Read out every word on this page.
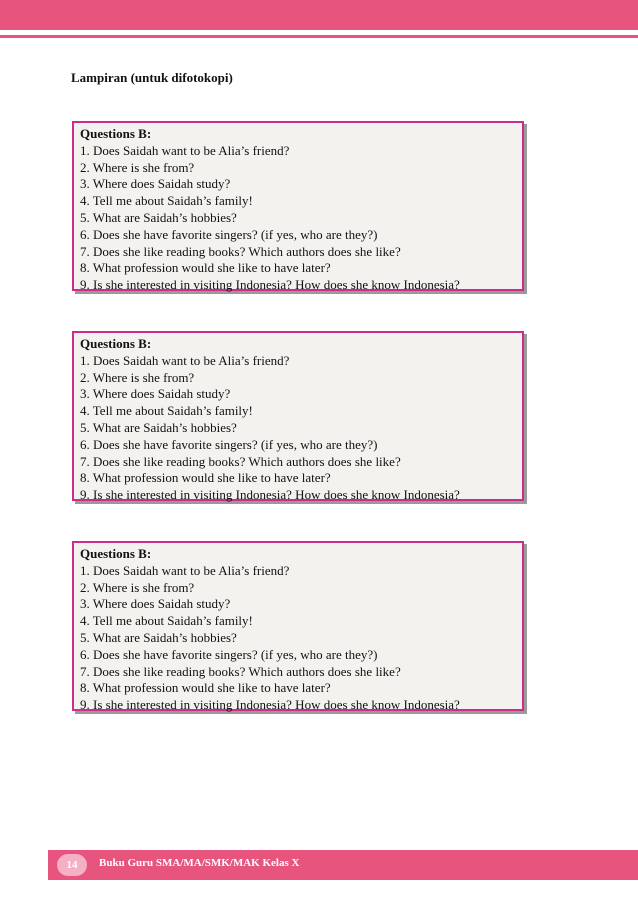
Lampiran (untuk difotokopi)
Questions B:
1. Does Saidah want to be Alia’s friend?
2. Where is she from?
3. Where does Saidah study?
4. Tell me about Saidah’s family!
5. What are Saidah’s hobbies?
6. Does she have favorite singers? (if yes, who are they?)
7. Does she like reading books? Which authors does she like?
8. What profession would she like to have later?
9. Is she interested in visiting Indonesia? How does she know Indonesia?
Questions B:
1. Does Saidah want to be Alia’s friend?
2. Where is she from?
3. Where does Saidah study?
4. Tell me about Saidah’s family!
5. What are Saidah’s hobbies?
6. Does she have favorite singers? (if yes, who are they?)
7. Does she like reading books? Which authors does she like?
8. What profession would she like to have later?
9. Is she interested in visiting Indonesia? How does she know Indonesia?
Questions B:
1. Does Saidah want to be Alia’s friend?
2. Where is she from?
3. Where does Saidah study?
4. Tell me about Saidah’s family!
5. What are Saidah’s hobbies?
6. Does she have favorite singers? (if yes, who are they?)
7. Does she like reading books? Which authors does she like?
8. What profession would she like to have later?
9. Is she interested in visiting Indonesia? How does she know Indonesia?
14	Buku Guru SMA/MA/SMK/MAK Kelas X
